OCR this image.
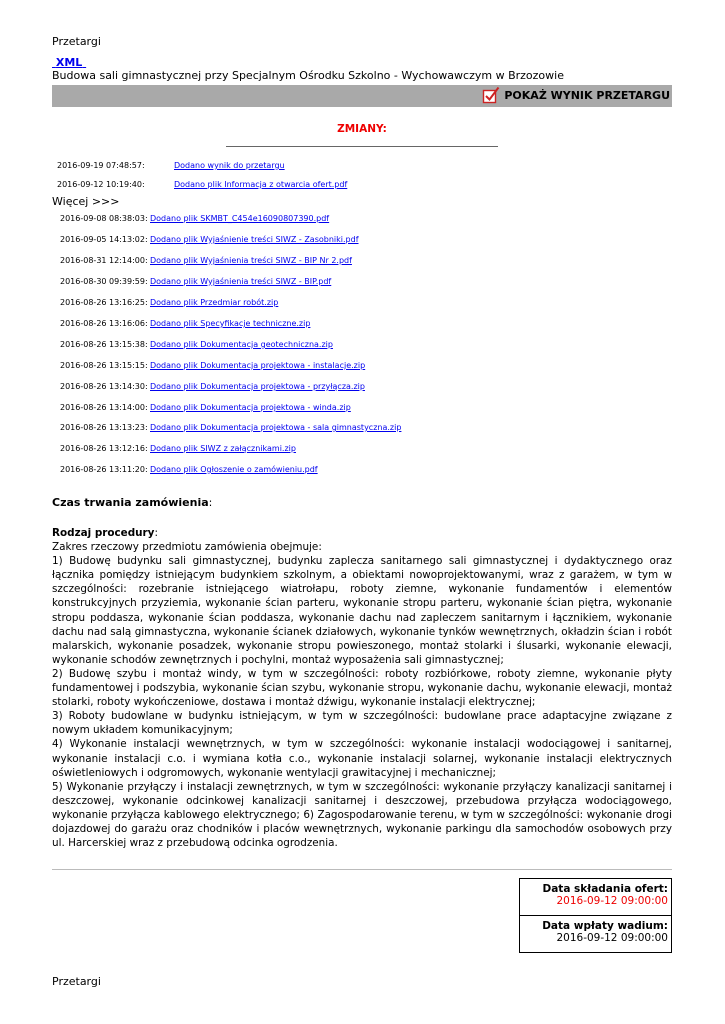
Przetargi
XML
Budowa sali gimnastycznej przy Specjalnym Ośrodku Szkolno - Wychowawczym w Brzozowie
POKAŻ WYNIK PRZETARGU
ZMIANY:
2016-09-19 07:48:57:	Dodano wynik do przetargu
2016-09-12 10:19:40:	Dodano plik Informacja z otwarcia ofert.pdf
Więcej >>>
2016-09-08 08:38:03: Dodano plik SKMBT_C454e16090807390.pdf
2016-09-05 14:13:02: Dodano plik Wyjaśnienie treści SIWZ - Zasobniki.pdf
2016-08-31 12:14:00: Dodano plik Wyjaśnienia treści SIWZ - BIP Nr 2.pdf
2016-08-30 09:39:59: Dodano plik Wyjaśnienia treści SIWZ - BIP.pdf
2016-08-26 13:16:25: Dodano plik Przedmiar robót.zip
2016-08-26 13:16:06: Dodano plik Specyfikacje techniczne.zip
2016-08-26 13:15:38: Dodano plik Dokumentacja geotechniczna.zip
2016-08-26 13:15:15: Dodano plik Dokumentacja projektowa - instalacje.zip
2016-08-26 13:14:30: Dodano plik Dokumentacja projektowa - przyłącza.zip
2016-08-26 13:14:00: Dodano plik Dokumentacja projektowa - winda.zip
2016-08-26 13:13:23: Dodano plik Dokumentacja projektowa - sala gimnastyczna.zip
2016-08-26 13:12:16: Dodano plik SIWZ z załącznikami.zip
2016-08-26 13:11:20: Dodano plik Ogłoszenie o zamówieniu.pdf
Czas trwania zamówienia:
Rodzaj procedury:
Zakres rzeczowy przedmiotu zamówienia obejmuje:
1) Budowę budynku sali gimnastycznej, budynku zaplecza sanitarnego sali gimnastycznej i dydaktycznego oraz łącznika pomiędzy istniejącym budynkiem szkolnym, a obiektami nowoprojektowanymi, wraz z garażem, w tym w szczególności: rozebranie istniejącego wiatrołapu, roboty ziemne, wykonanie fundamentów i elementów konstrukcyjnych przyziemia, wykonanie ścian parteru, wykonanie stropu parteru, wykonanie ścian piętra, wykonanie stropu poddasza, wykonanie ścian poddasza, wykonanie dachu nad zapleczem sanitarnym i łącznikiem, wykonanie dachu nad salą gimnastyczna, wykonanie ścianek działowych, wykonanie tynków wewnętrznych, okładzin ścian i robót malarskich, wykonanie posadzek, wykonanie stropu powieszonego, montaż stolarki i ślusarki, wykonanie elewacji, wykonanie schodów zewnętrznych i pochylni, montaż wyposażenia sali gimnastycznej;
2) Budowę szybu i montaż windy, w tym w szczególności: roboty rozbiórkowe, roboty ziemne, wykonanie płyty fundamentowej i podszybia, wykonanie ścian szybu, wykonanie stropu, wykonanie dachu, wykonanie elewacji, montaż stolarki, roboty wykończeniowe, dostawa i montaż dźwigu, wykonanie instalacji elektrycznej;
3) Roboty budowlane w budynku istniejącym, w tym w szczególności: budowlane prace adaptacyjne związane z nowym układem komunikacyjnym;
4) Wykonanie instalacji wewnętrznych, w tym w szczególności: wykonanie instalacji wodociągowej i sanitarnej, wykonanie instalacji c.o. i wymiana kotła c.o., wykonanie instalacji solarnej, wykonanie instalacji elektrycznych oświetleniowych i odgromowych, wykonanie wentylacji grawitacyjnej i mechanicznej;
5) Wykonanie przyłączy i instalacji zewnętrznych, w tym w szczególności: wykonanie przyłączy kanalizacji sanitarnej i deszczowej, wykonanie odcinkowej kanalizacji sanitarnej i deszczowej, przebudowa przyłącza wodociągowego, wykonanie przyłącza kablowego elektrycznego; 6) Zagospodarowanie terenu, w tym w szczególności: wykonanie drogi dojazdowej do garażu oraz chodników i placów wewnętrznych, wykonanie parkingu dla samochodów osobowych przy ul. Harcerskiej wraz z przebudową odcinka ogrodzenia.
Data składania ofert:
2016-09-12 09:00:00
Data wpłaty wadium:
2016-09-12 09:00:00
Przetargi
